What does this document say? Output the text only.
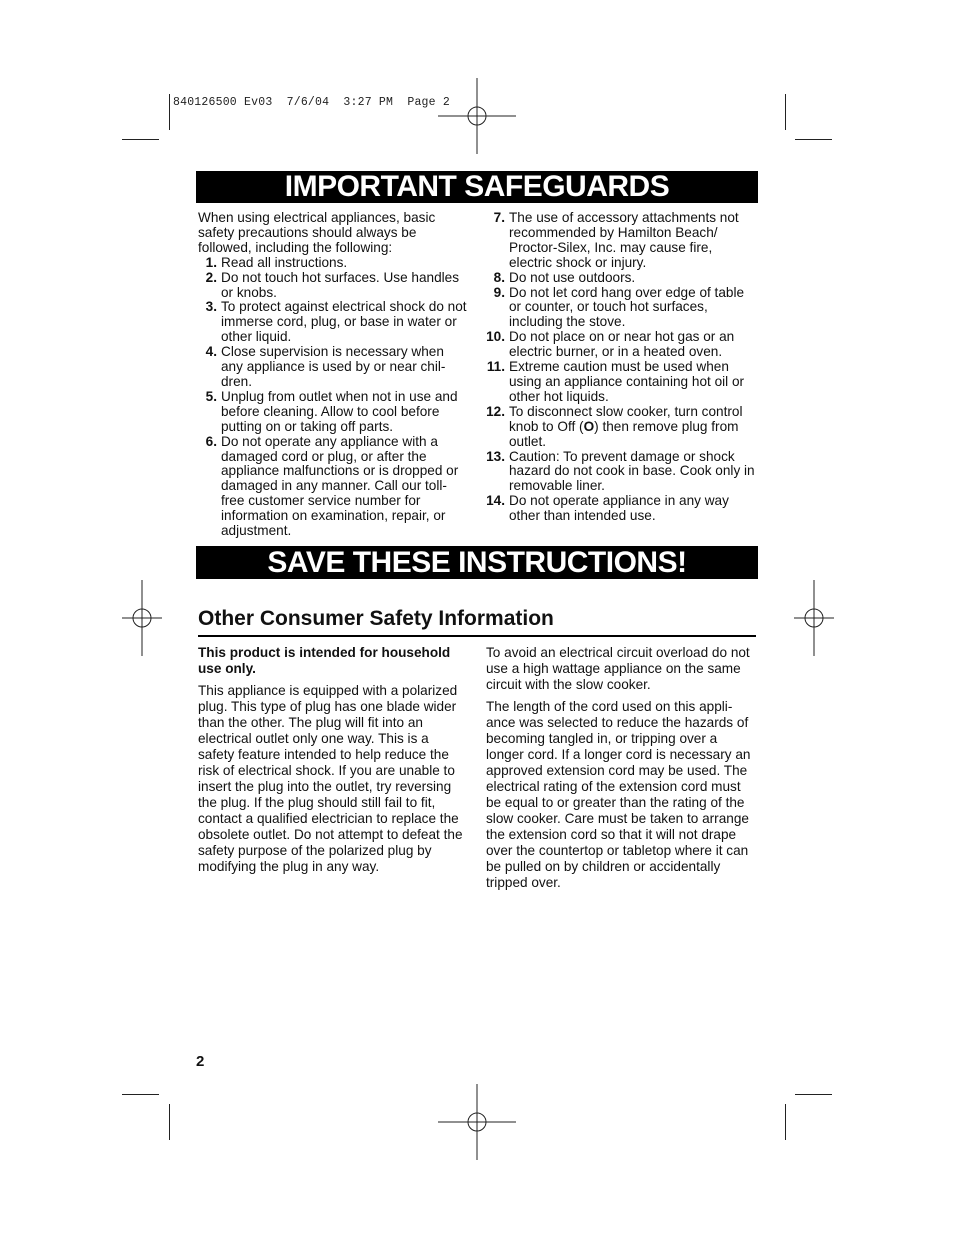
840126500 Ev03  7/6/04  3:27 PM  Page 2
IMPORTANT SAFEGUARDS
When using electrical appliances, basic safety precautions should always be followed, including the following:
1. Read all instructions.
2. Do not touch hot surfaces. Use handles or knobs.
3. To protect against electrical shock do not immerse cord, plug, or base in water or other liquid.
4. Close supervision is necessary when any appliance is used by or near chil-dren.
5. Unplug from outlet when not in use and before cleaning. Allow to cool before putting on or taking off parts.
6. Do not operate any appliance with a damaged cord or plug, or after the appliance malfunctions or is dropped or damaged in any manner. Call our toll-free customer service number for information on examination, repair, or adjustment.
7. The use of accessory attachments not recommended by Hamilton Beach/ Proctor-Silex, Inc. may cause fire, electric shock or injury.
8. Do not use outdoors.
9. Do not let cord hang over edge of table or counter, or touch hot surfaces, including the stove.
10. Do not place on or near hot gas or an electric burner, or in a heated oven.
11. Extreme caution must be used when using an appliance containing hot oil or other hot liquids.
12. To disconnect slow cooker, turn control knob to Off (O) then remove plug from outlet.
13. Caution: To prevent damage or shock hazard do not cook in base. Cook only in removable liner.
14. Do not operate appliance in any way other than intended use.
SAVE THESE INSTRUCTIONS!
Other Consumer Safety Information

This product is intended for household use only.

This appliance is equipped with a polarized plug. This type of plug has one blade wider than the other. The plug will fit into an electrical outlet only one way. This is a safety feature intended to help reduce the risk of electrical shock. If you are unable to insert the plug into the outlet, try reversing the plug. If the plug should still fail to fit, contact a qualified electrician to replace the obsolete outlet. Do not attempt to defeat the safety purpose of the polarized plug by modifying the plug in any way.

To avoid an electrical circuit overload do not use a high wattage appliance on the same circuit with the slow cooker.

The length of the cord used on this appli-ance was selected to reduce the hazards of becoming tangled in, or tripping over a longer cord. If a longer cord is necessary an approved extension cord may be used. The electrical rating of the extension cord must be equal to or greater than the rating of the slow cooker. Care must be taken to arrange the extension cord so that it will not drape over the countertop or tabletop where it can be pulled on by children or accidentally tripped over.

2
